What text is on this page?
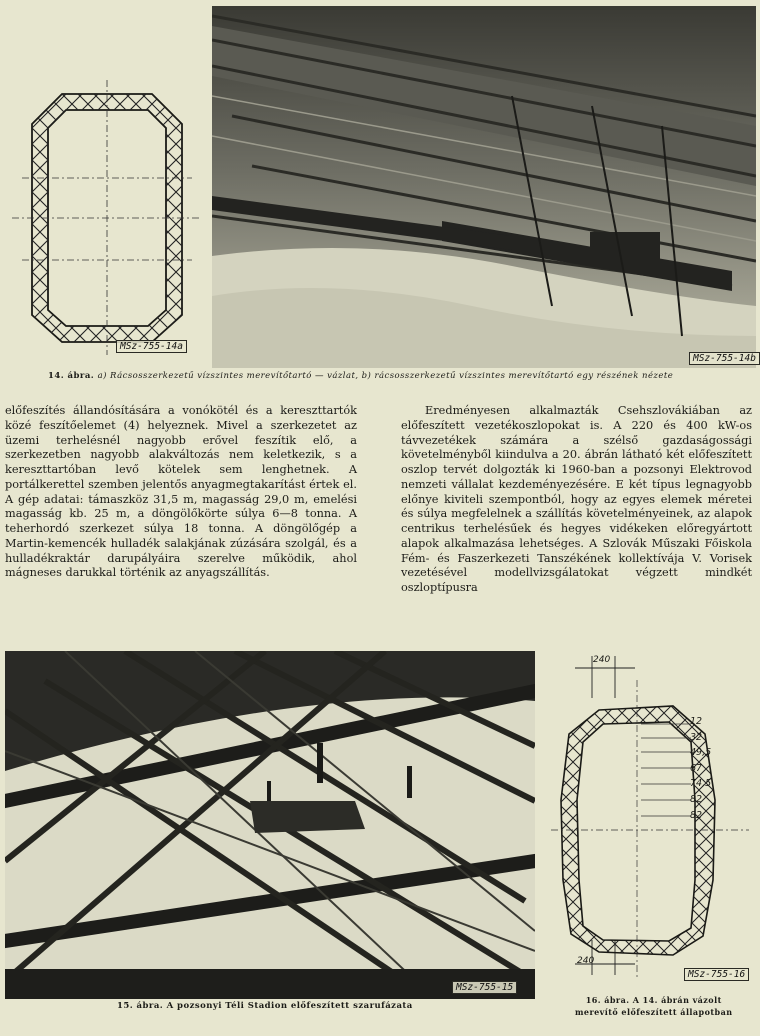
MSz-755-14a
MSz-755-14b
14. ábra. a) Rácsosszerkezetű vízszintes merevítőtartó — vázlat, b) rácsosszerkezetű vízszintes merevítőtartó egy részének nézete

előfeszítés állandósítására a vonókötél és a kereszttartók közé feszítőelemet (4) helyeznek. Mivel a szerkezetet az üzemi terhelésnél nagyobb erővel feszítik elő, a szerkezetben nagyobb alakváltozás nem keletkezik, s a kereszttartóban levő kötelek sem lenghetnek. A portálkerettel szemben jelentős anyagmegtakarítást értek el. A gép adatai: támaszköz 31,5 m, magasság 29,0 m, emelési magasság kb. 25 m, a döngölőkörte súlya 6—8 tonna. A teherhordó szerkezet súlya 18 tonna. A döngölőgép a Martin-kemencék hulladék salakjának zúzására szolgál, és a hulladékraktár darupályáira szerelve működik, ahol mágneses darukkal történik az anyagszállítás.

Eredményesen alkalmazták Csehszlovákiában az előfeszített vezetékoszlopokat is. A 220 és 400 kW-os távvezetékek számára a szélső gazdaságossági követelményből kiindulva a 20. ábrán látható két előfeszített oszlop tervét dolgozták ki 1960-ban a pozsonyi Elektrovod nemzeti vállalat kezdeményezésére. E két típus legnagyobb előnye kiviteli szempontból, hogy az egyes elemek méretei és súlya megfelelnek a szállítás követelményeinek, az alapok centrikus terhelésűek és hegyes vidékeken előregyártott alapok alkalmazása lehetséges. A Szlovák Műszaki Főiskola Fém- és Faszerkezeti Tanszékének kollektívája V. Vorisek vezetésével modellvizsgálatokat végzett mindkét oszloptípusra

MSz-755-15
15. ábra. A pozsonyi Téli Stadion előfeszített szarufázata
240
240
12
32
49,5
67
74,5
82
82
MSz-755-16
16. ábra. A 14. ábrán vázolt
merevítő előfeszített állapotban
